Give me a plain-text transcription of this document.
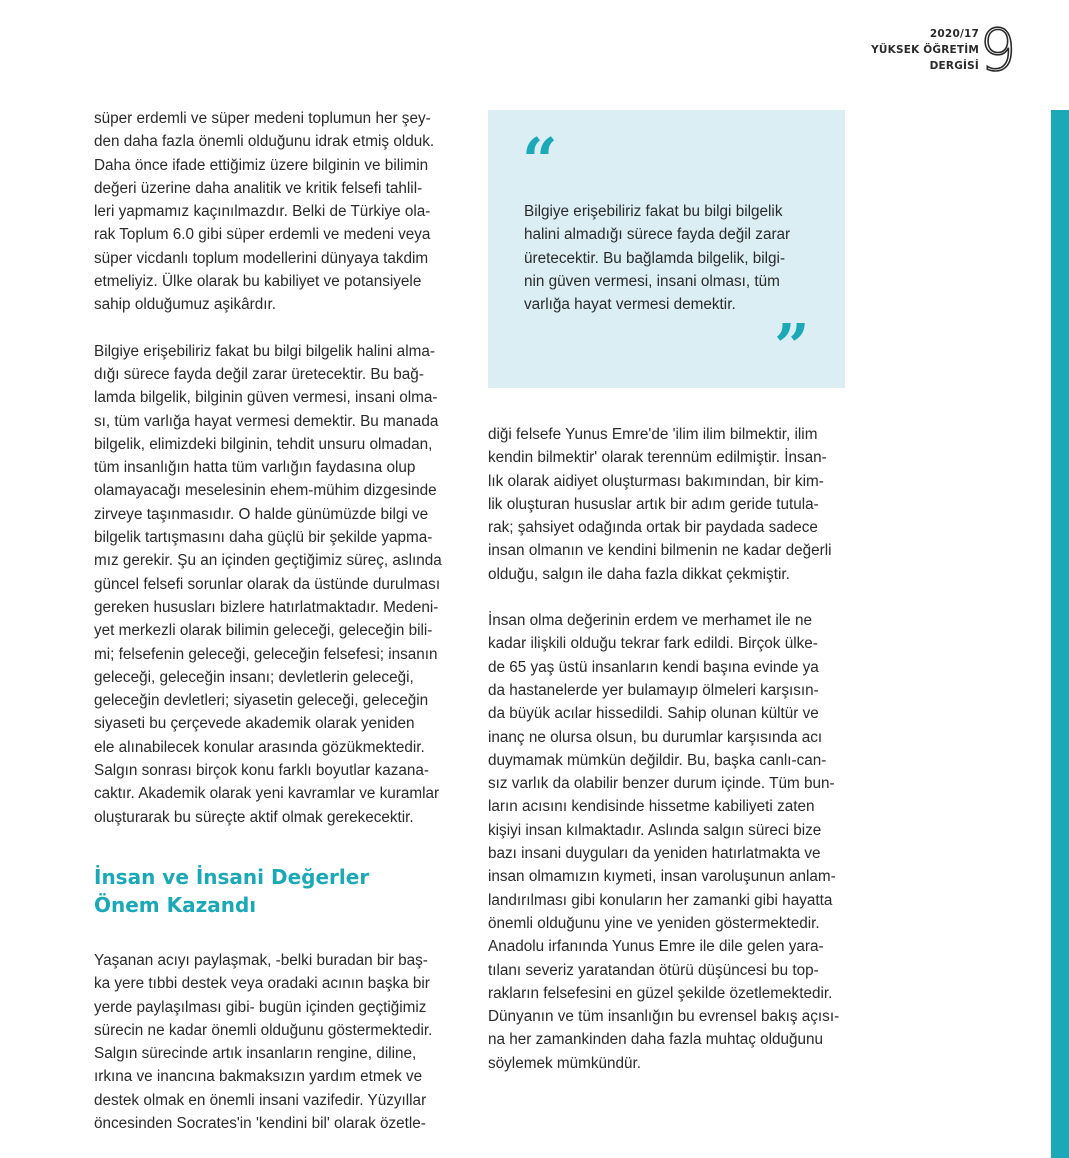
2020/17
YÜKSEK ÖĞRETİM
DERGİSİ 9

süper erdemli ve süper medeni toplumun her şey-
den daha fazla önemli olduğunu idrak etmiş olduk.
Daha önce ifade ettiğimiz üzere bilginin ve bilimin
değeri üzerine daha analitik ve kritik felsefi tahlil-
leri yapmamız kaçınılmazdır. Belki de Türkiye ola-
rak Toplum 6.0 gibi süper erdemli ve medeni veya
süper vicdanlı toplum modellerini dünyaya takdim
etmeliyiz. Ülke olarak bu kabiliyet ve potansiyele
sahip olduğumuz aşikârdır.

Bilgiye erişebiliriz fakat bu bilgi bilgelik halini alma-
dığı sürece fayda değil zarar üretecektir. Bu bağ-
lamda bilgelik, bilginin güven vermesi, insani olma-
sı, tüm varlığa hayat vermesi demektir. Bu manada
bilgelik, elimizdeki bilginin, tehdit unsuru olmadan,
tüm insanlığın hatta tüm varlığın faydasına olup
olamayacağı meselesinin ehem-mühim dizgesinde
zirveye taşınmasıdır. O halde günümüzde bilgi ve
bilgelik tartışmasını daha güçlü bir şekilde yapma-
mız gerekir. Şu an içinden geçtiğimiz süreç, aslında
güncel felsefi sorunlar olarak da üstünde durulması
gereken hususları bizlere hatırlatmaktadır. Medeni-
yet merkezli olarak bilimin geleceği, geleceğin bili-
mi; felsefenin geleceği, geleceğin felsefesi; insanın
geleceği, geleceğin insanı; devletlerin geleceği,
geleceğin devletleri; siyasetin geleceği, geleceğin
siyaseti bu çerçevede akademik olarak yeniden
ele alınabilecek konular arasında gözükmektedir.
Salgın sonrası birçok konu farklı boyutlar kazana-
caktır. Akademik olarak yeni kavramlar ve kuramlar
oluşturarak bu süreçte aktif olmak gerekecektir.

İnsan ve İnsani Değerler
Önem Kazandı

Yaşanan acıyı paylaşmak, -belki buradan bir baş-
ka yere tıbbi destek veya oradaki acının başka bir
yerde paylaşılması gibi- bugün içinden geçtiğimiz
sürecin ne kadar önemli olduğunu göstermektedir.
Salgın sürecinde artık insanların rengine, diline,
ırkına ve inancına bakmaksızın yardım etmek ve
destek olmak en önemli insani vazifedir. Yüzyıllar
öncesinden Socrates'in 'kendini bil' olarak özetle-

“
Bilgiye erişebiliriz fakat bu bilgi bilgelik
halini almadığı sürece fayda değil zarar
üretecektir. Bu bağlamda bilgelik, bilgi-
nin güven vermesi, insani olması, tüm
varlığa hayat vermesi demektir.
”

diği felsefe Yunus Emre'de 'ilim ilim bilmektir, ilim
kendin bilmektir' olarak terennüm edilmiştir. İnsan-
lık olarak aidiyet oluşturması bakımından, bir kim-
lik oluşturan hususlar artık bir adım geride tutula-
rak; şahsiyet odağında ortak bir paydada sadece
insan olmanın ve kendini bilmenin ne kadar değerli
olduğu, salgın ile daha fazla dikkat çekmiştir.

İnsan olma değerinin erdem ve merhamet ile ne
kadar ilişkili olduğu tekrar fark edildi. Birçok ülke-
de 65 yaş üstü insanların kendi başına evinde ya
da hastanelerde yer bulamayıp ölmeleri karşısın-
da büyük acılar hissedildi. Sahip olunan kültür ve
inanç ne olursa olsun, bu durumlar karşısında acı
duymamak mümkün değildir. Bu, başka canlı-can-
sız varlık da olabilir benzer durum içinde. Tüm bun-
ların acısını kendisinde hissetme kabiliyeti zaten
kişiyi insan kılmaktadır. Aslında salgın süreci bize
bazı insani duyguları da yeniden hatırlatmakta ve
insan olmamızın kıymeti, insan varoluşunun anlam-
landırılması gibi konuların her zamanki gibi hayatta
önemli olduğunu yine ve yeniden göstermektedir.
Anadolu irfanında Yunus Emre ile dile gelen yara-
tılanı severiz yaratandan ötürü düşüncesi bu top-
rakların felsefesini en güzel şekilde özetlemektedir.
Dünyanın ve tüm insanlığın bu evrensel bakış açısı-
na her zamankinden daha fazla muhtaç olduğunu
söylemek mümkündür.
